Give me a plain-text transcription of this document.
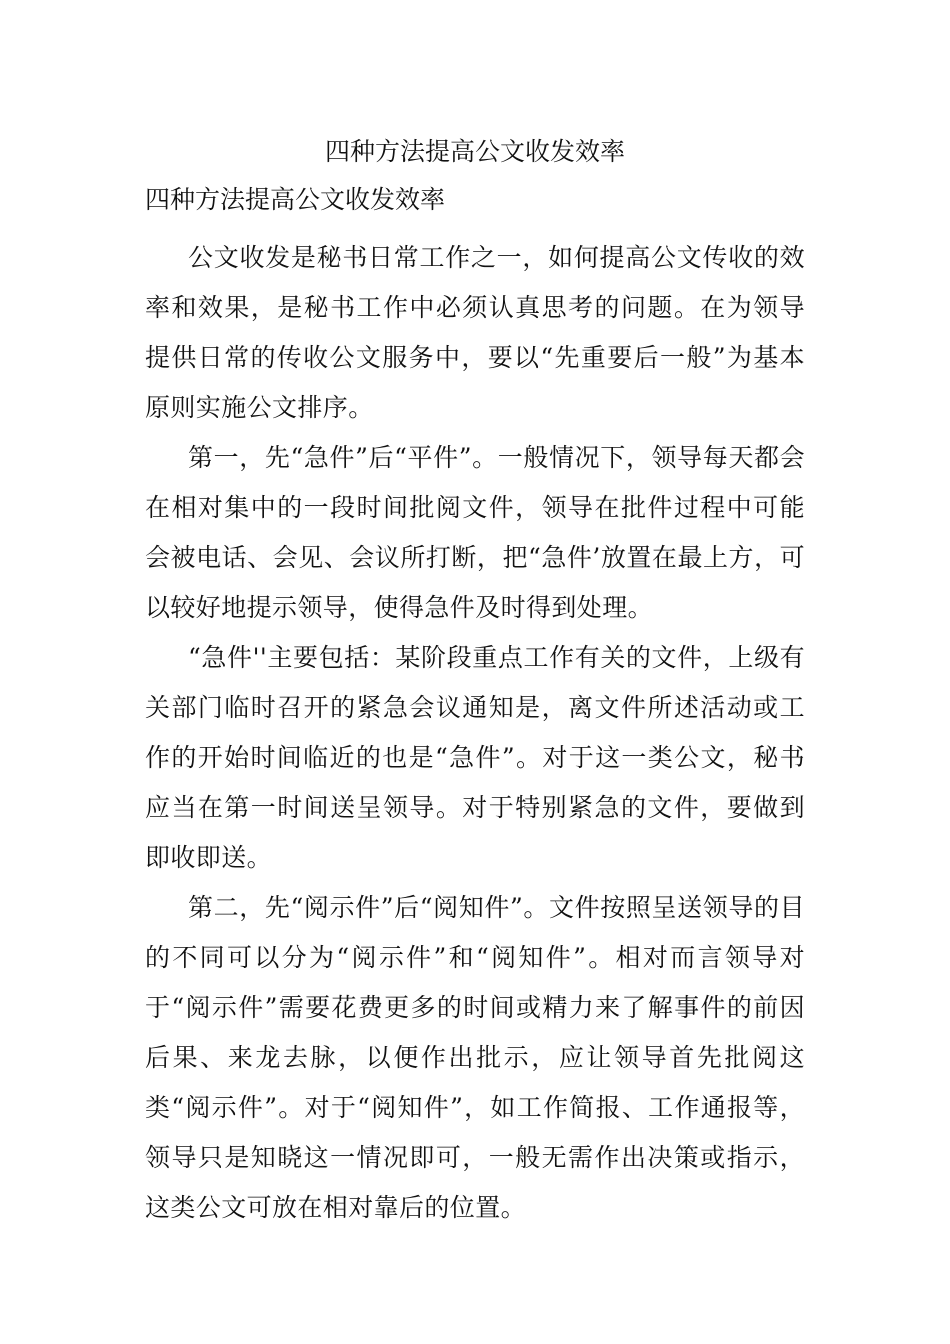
四种方法提高公文收发效率

四种方法提高公文收发效率

公文收发是秘书日常工作之一，如何提高公文传收的效率和效果，是秘书工作中必须认真思考的问题。在为领导提供日常的传收公文服务中，要以“先重要后一般”为基本原则实施公文排序。

第一，先“急件”后“平件”。一般情况下，领导每天都会在相对集中的一段时间批阅文件，领导在批件过程中可能会被电话、会见、会议所打断，把“急件’放置在最上方，可以较好地提示领导，使得急件及时得到处理。

“急件''主要包括：某阶段重点工作有关的文件，上级有关部门临时召开的紧急会议通知是，离文件所述活动或工作的开始时间临近的也是“急件”。对于这一类公文，秘书应当在第一时间送呈领导。对于特别紧急的文件，要做到即收即送。

第二，先“阅示件”后“阅知件”。文件按照呈送领导的目的不同可以分为“阅示件”和“阅知件”。相对而言领导对于“阅示件”需要花费更多的时间或精力来了解事件的前因后果、来龙去脉，以便作出批示，应让领导首先批阅这类“阅示件”。对于“阅知件”，如工作简报、工作通报等，领导只是知晓这一情况即可，一般无需作出决策或指示，这类公文可放在相对靠后的位置。
